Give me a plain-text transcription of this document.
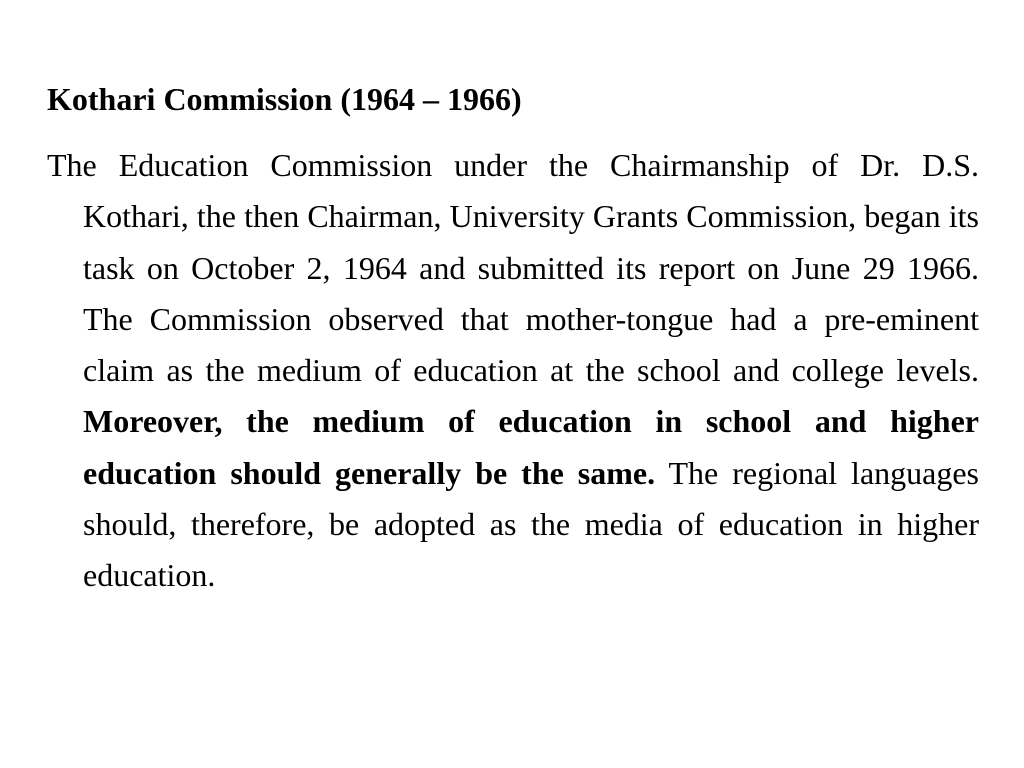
Kothari Commission (1964 – 1966)

The Education Commission under the Chairmanship of Dr. D.S. Kothari, the then Chairman, University Grants Commission, began its task on October 2, 1964 and submitted its report on June 29 1966. The Commission observed that mother-tongue had a pre-eminent claim as the medium of education at the school and college levels. Moreover, the medium of education in school and higher education should generally be the same. The regional languages should, therefore, be adopted as the media of education in higher education.
